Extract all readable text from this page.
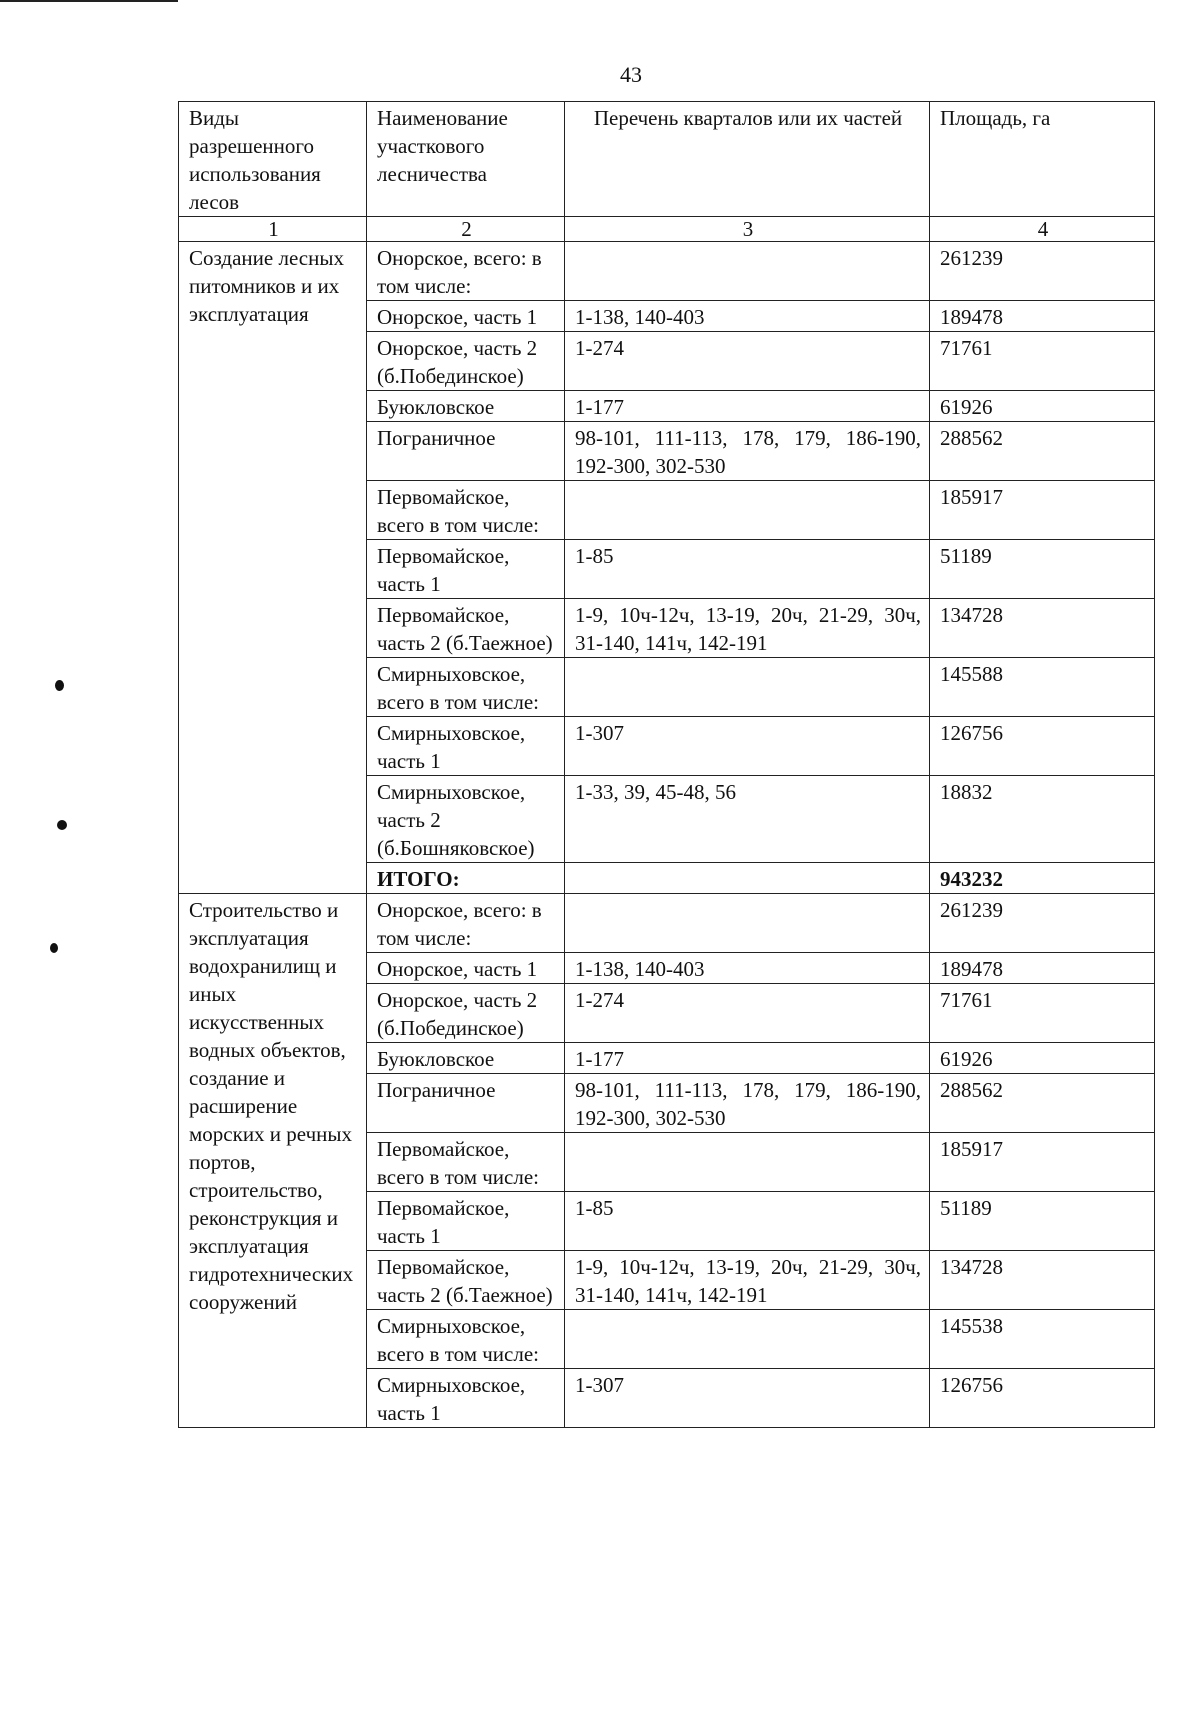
43
Виды разрешенного использования лесов	Наименование участкового лесничества	Перечень кварталов или их частей	Площадь, га
1	2	3	4
Создание лесных питомников и их эксплуатация	Онорское, всего: в том числе:		261239
	Онорское, часть 1	1-138, 140-403	189478
	Онорское, часть 2 (б.Побединское)	1-274	71761
	Буюкловское	1-177	61926
	Пограничное	98-101, 111-113, 178, 179, 186-190, 192-300, 302-530	288562
	Первомайское, всего в том числе:		185917
	Первомайское, часть 1	1-85	51189
	Первомайское, часть 2 (б.Таежное)	1-9, 10ч-12ч, 13-19, 20ч, 21-29, 30ч, 31-140, 141ч, 142-191	134728
	Смирныховское, всего в том числе:		145588
	Смирныховское, часть 1	1-307	126756
	Смирныховское, часть 2 (б.Бошняковское)	1-33, 39, 45-48, 56	18832
	ИТОГО:		943232
Строительство и эксплуатация водохранилищ и иных искусственных водных объектов, создание и расширение морских и речных портов, строительство, реконструкция и эксплуатация гидротехнических сооружений	Онорское, всего: в том числе:		261239
	Онорское, часть 1	1-138, 140-403	189478
	Онорское, часть 2 (б.Побединское)	1-274	71761
	Буюкловское	1-177	61926
	Пограничное	98-101, 111-113, 178, 179, 186-190, 192-300, 302-530	288562
	Первомайское, всего в том числе:		185917
	Первомайское, часть 1	1-85	51189
	Первомайское, часть 2 (б.Таежное)	1-9, 10ч-12ч, 13-19, 20ч, 21-29, 30ч, 31-140, 141ч, 142-191	134728
	Смирныховское, всего в том числе:		145538
	Смирныховское, часть 1	1-307	126756
